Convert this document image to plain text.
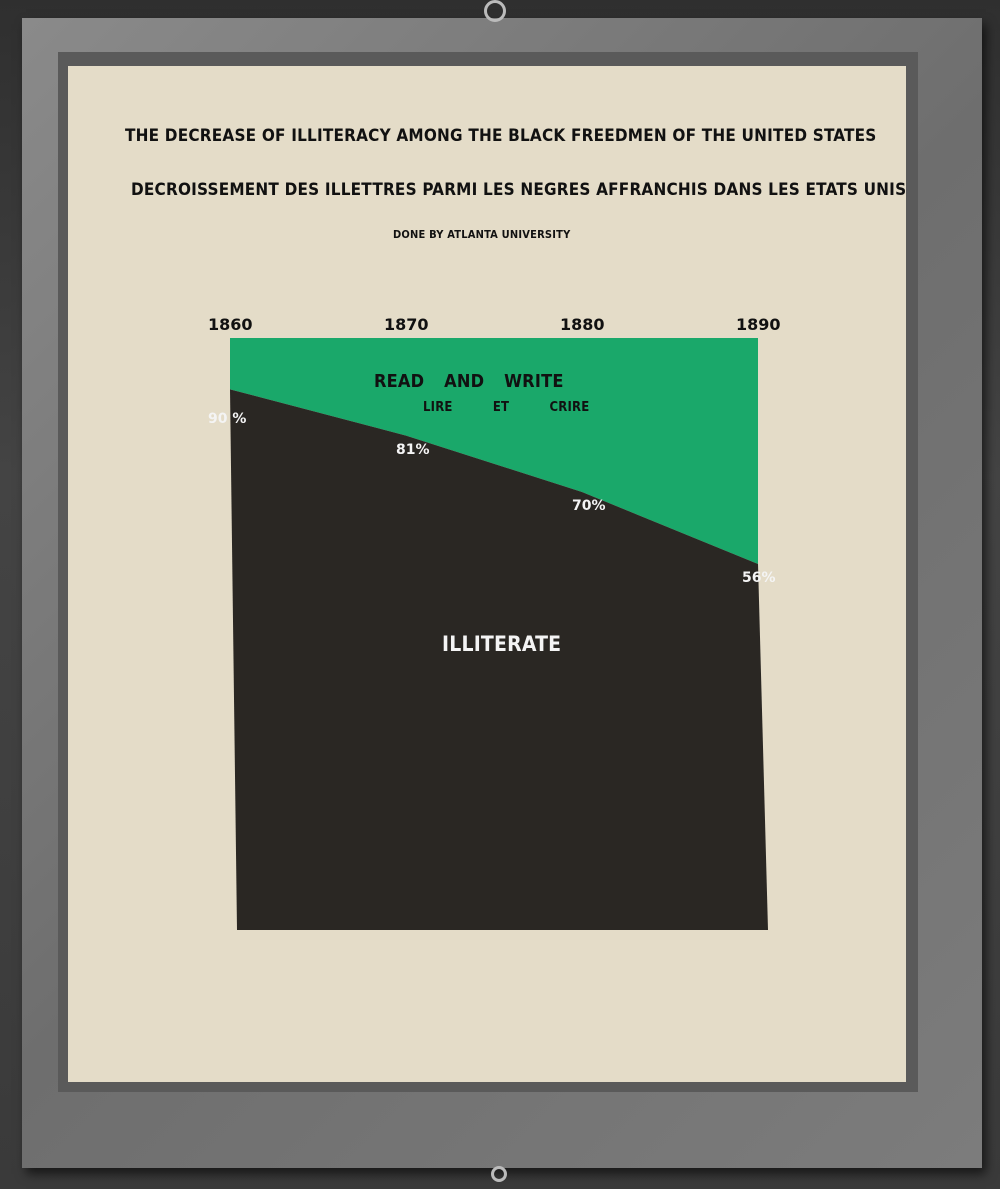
THE DECREASE OF ILLITERACY AMONG THE BLACK FREEDMEN OF THE UNITED STATES
DECROISSEMENT DES ILLETTRES PARMI LES NEGRES AFFRANCHIS DANS LES ETATS UNIS
DONE BY ATLANTA UNIVERSITY
1860	1870	1880	1890
READ AND WRITE
LIRE ET CRIRE
ILLITERATE
90 %
81%
70%
56%
